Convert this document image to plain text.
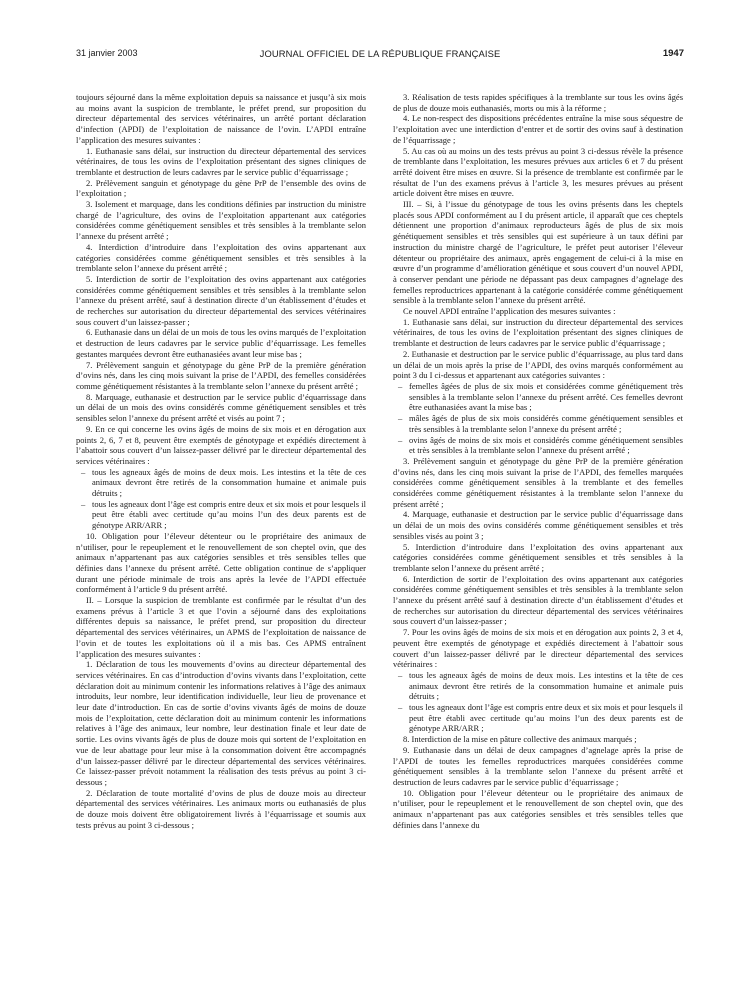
31 janvier 2003	JOURNAL OFFICIEL DE LA RÉPUBLIQUE FRANÇAISE	1947

toujours séjourné dans la même exploitation depuis sa naissance et jusqu’à six mois au moins avant la suspicion de tremblante, le préfet prend, sur proposition du directeur départemental des services vétérinaires, un arrêté portant déclaration d’infection (APDI) de l’exploitation de naissance de l’ovin. L’APDI entraîne l’application des mesures suivantes :

1. Euthanasie sans délai, sur instruction du directeur départemental des services vétérinaires, de tous les ovins de l’exploitation présentant des signes cliniques de tremblante et destruction de leurs cadavres par le service public d’équarrissage ;

2. Prélèvement sanguin et génotypage du gène PrP de l’ensemble des ovins de l’exploitation ;

3. Isolement et marquage, dans les conditions définies par instruction du ministre chargé de l’agriculture, des ovins de l’exploitation appartenant aux catégories considérées comme génétiquement sensibles et très sensibles à la tremblante selon l’annexe du présent arrêté ;

4. Interdiction d’introduire dans l’exploitation des ovins appartenant aux catégories considérées comme génétiquement sensibles et très sensibles à la tremblante selon l’annexe du présent arrêté ;

5. Interdiction de sortir de l’exploitation des ovins appartenant aux catégories considérées comme génétiquement sensibles et très sensibles à la tremblante selon l’annexe du présent arrêté, sauf à destination directe d’un établissement d’études et de recherches sur autorisation du directeur départemental des services vétérinaires sous couvert d’un laissez-passer ;

6. Euthanasie dans un délai de un mois de tous les ovins marqués de l’exploitation et destruction de leurs cadavres par le service public d’équarrissage. Les femelles gestantes marquées devront être euthanasiées avant leur mise bas ;

7. Prélèvement sanguin et génotypage du gène PrP de la première génération d’ovins nés, dans les cinq mois suivant la prise de l’APDI, des femelles considérées comme génétiquement résistantes à la tremblante selon l’annexe du présent arrêté ;

8. Marquage, euthanasie et destruction par le service public d’équarrissage dans un délai de un mois des ovins considérés comme génétiquement sensibles et très sensibles selon l’annexe du présent arrêté et visés au point 7 ;

9. En ce qui concerne les ovins âgés de moins de six mois et en dérogation aux points 2, 6, 7 et 8, peuvent être exemptés de génotypage et expédiés directement à l’abattoir sous couvert d’un laissez-passer délivré par le directeur départemental des services vétérinaires :

– tous les agneaux âgés de moins de deux mois. Les intestins et la tête de ces animaux devront être retirés de la consommation humaine et animale puis détruits ;
– tous les agneaux dont l’âge est compris entre deux et six mois et pour lesquels il peut être établi avec certitude qu’au moins l’un des deux parents est de génotype ARR/ARR ;

10. Obligation pour l’éleveur détenteur ou le propriétaire des animaux de n’utiliser, pour le repeuplement et le renouvellement de son cheptel ovin, que des animaux n’appartenant pas aux catégories sensibles et très sensibles telles que définies dans l’annexe du présent arrêté. Cette obligation continue de s’appliquer durant une période minimale de trois ans après la levée de l’APDI effectuée conformément à l’article 9 du présent arrêté.

II. – Lorsque la suspicion de tremblante est confirmée par le résultat d’un des examens prévus à l’article 3 et que l’ovin a séjourné dans des exploitations différentes depuis sa naissance, le préfet prend, sur proposition du directeur départemental des services vétérinaires, un APMS de l’exploitation de naissance de l’ovin et de toutes les exploitations où il a mis bas. Ces APMS entraînent l’application des mesures suivantes :

1. Déclaration de tous les mouvements d’ovins au directeur départemental des services vétérinaires. En cas d’introduction d’ovins vivants dans l’exploitation, cette déclaration doit au minimum contenir les informations relatives à l’âge des animaux introduits, leur nombre, leur identification individuelle, leur lieu de provenance et leur date d’introduction. En cas de sortie d’ovins vivants âgés de moins de douze mois de l’exploitation, cette déclaration doit au minimum contenir les informations relatives à l’âge des animaux, leur nombre, leur destination finale et leur date de sortie. Les ovins vivants âgés de plus de douze mois qui sortent de l’exploitation en vue de leur abattage pour leur mise à la consommation doivent être accompagnés d’un laissez-passer délivré par le directeur départemental des services vétérinaires. Ce laissez-passer prévoit notamment la réalisation des tests prévus au point 3 ci-dessous ;

2. Déclaration de toute mortalité d’ovins de plus de douze mois au directeur départemental des services vétérinaires. Les animaux morts ou euthanasiés de plus de douze mois doivent être obligatoirement livrés à l’équarrissage et soumis aux tests prévus au point 3 ci-dessous ;

3. Réalisation de tests rapides spécifiques à la tremblante sur tous les ovins âgés de plus de douze mois euthanasiés, morts ou mis à la réforme ;

4. Le non-respect des dispositions précédentes entraîne la mise sous séquestre de l’exploitation avec une interdiction d’entrer et de sortir des ovins sauf à destination de l’équarrissage ;

5. Au cas où au moins un des tests prévus au point 3 ci-dessus révèle la présence de tremblante dans l’exploitation, les mesures prévues aux articles 6 et 7 du présent arrêté doivent être mises en œuvre. Si la présence de tremblante est confirmée par le résultat de l’un des examens prévus à l’article 3, les mesures prévues au présent article doivent être mises en œuvre.

III. – Si, à l’issue du génotypage de tous les ovins présents dans les cheptels placés sous APDI conformément au I du présent article, il apparaît que ces cheptels détiennent une proportion d’animaux reproducteurs âgés de plus de six mois génétiquement sensibles et très sensibles qui est supérieure à un taux défini par instruction du ministre chargé de l’agriculture, le préfet peut autoriser l’éleveur détenteur ou propriétaire des animaux, après engagement de celui-ci à la mise en œuvre d’un programme d’amélioration génétique et sous couvert d’un nouvel APDI, à conserver pendant une période ne dépassant pas deux campagnes d’agnelage des femelles reproductrices appartenant à la catégorie considérée comme génétiquement sensible à la tremblante selon l’annexe du présent arrêté.

Ce nouvel APDI entraîne l’application des mesures suivantes :

1. Euthanasie sans délai, sur instruction du directeur départemental des services vétérinaires, de tous les ovins de l’exploitation présentant des signes cliniques de tremblante et destruction de leurs cadavres par le service public d’équarrissage ;

2. Euthanasie et destruction par le service public d’équarrissage, au plus tard dans un délai de un mois après la prise de l’APDI, des ovins marqués conformément au point 3 du I ci-dessus et appartenant aux catégories suivantes :

– femelles âgées de plus de six mois et considérées comme génétiquement très sensibles à la tremblante selon l’annexe du présent arrêté. Ces femelles devront être euthanasiées avant la mise bas ;
– mâles âgés de plus de six mois considérés comme génétiquement sensibles et très sensibles à la tremblante selon l’annexe du présent arrêté ;
– ovins âgés de moins de six mois et considérés comme génétiquement sensibles et très sensibles à la tremblante selon l’annexe du présent arrêté ;

3. Prélèvement sanguin et génotypage du gène PrP de la première génération d’ovins nés, dans les cinq mois suivant la prise de l’APDI, des femelles marquées considérées comme génétiquement sensibles à la tremblante et des femelles considérées comme génétiquement résistantes à la tremblante selon l’annexe du présent arrêté ;

4. Marquage, euthanasie et destruction par le service public d’équarrissage dans un délai de un mois des ovins considérés comme génétiquement sensibles et très sensibles visés au point 3 ;

5. Interdiction d’introduire dans l’exploitation des ovins appartenant aux catégories considérées comme génétiquement sensibles et très sensibles à la tremblante selon l’annexe du présent arrêté ;

6. Interdiction de sortir de l’exploitation des ovins appartenant aux catégories considérées comme génétiquement sensibles et très sensibles à la tremblante selon l’annexe du présent arrêté sauf à destination directe d’un établissement d’études et de recherches sur autorisation du directeur départemental des services vétérinaires sous couvert d’un laissez-passer ;

7. Pour les ovins âgés de moins de six mois et en dérogation aux points 2, 3 et 4, peuvent être exemptés de génotypage et expédiés directement à l’abattoir sous couvert d’un laissez-passer délivré par le directeur départemental des services vétérinaires :

– tous les agneaux âgés de moins de deux mois. Les intestins et la tête de ces animaux devront être retirés de la consommation humaine et animale puis détruits ;
– tous les agneaux dont l’âge est compris entre deux et six mois et pour lesquels il peut être établi avec certitude qu’au moins l’un des deux parents est de génotype ARR/ARR ;

8. Interdiction de la mise en pâture collective des animaux marqués ;

9. Euthanasie dans un délai de deux campagnes d’agnelage après la prise de l’APDI de toutes les femelles reproductrices marquées considérées comme génétiquement sensibles à la tremblante selon l’annexe du présent arrêté et destruction de leurs cadavres par le service public d’équarrissage ;

10. Obligation pour l’éleveur détenteur ou le propriétaire des animaux de n’utiliser, pour le repeuplement et le renouvellement de son cheptel ovin, que des animaux n’appartenant pas aux catégories sensibles et très sensibles telles que définies dans l’annexe du
